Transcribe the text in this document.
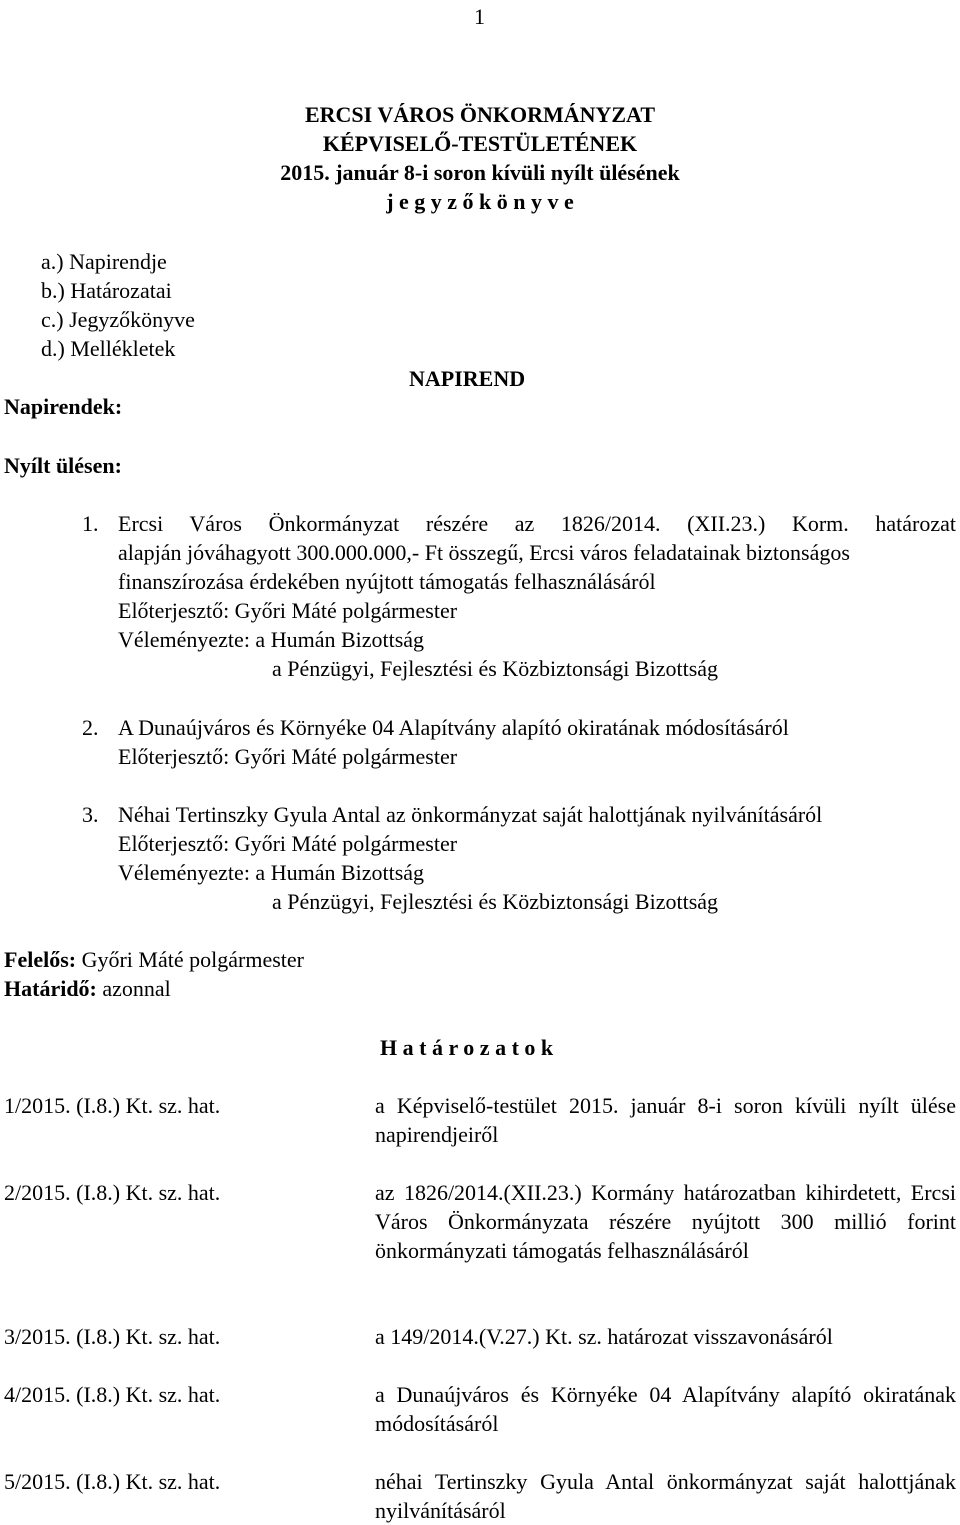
1
ERCSI VÁROS ÖNKORMÁNYZAT
KÉPVISELŐ-TESTÜLETÉNEK
2015. január 8-i soron kívüli nyílt ülésének
j e g y z ő k ö n y v e
a.) Napirendje
b.) Határozatai
c.) Jegyzőkönyve
d.) Mellékletek
NAPIREND
Napirendek:
Nyílt ülésen:
1. Ercsi Város Önkormányzat részére az 1826/2014. (XII.23.) Korm. határozat
alapján jóváhagyott 300.000.000,- Ft összegű, Ercsi város feladatainak biztonságos
finanszírozása érdekében nyújtott támogatás felhasználásáról
Előterjesztő: Győri Máté polgármester
Véleményezte: a Humán Bizottság
a Pénzügyi, Fejlesztési és Közbiztonsági Bizottság
2. A Dunaújváros és Környéke 04 Alapítvány alapító okiratának módosításáról
Előterjesztő: Győri Máté polgármester
3. Néhai Tertinszky Gyula Antal az önkormányzat saját halottjának nyilvánításáról
Előterjesztő: Győri Máté polgármester
Véleményezte: a Humán Bizottság
a Pénzügyi, Fejlesztési és Közbiztonsági Bizottság
Felelős: Győri Máté polgármester
Határidő: azonnal
H a t á r o z a t o k
1/2015. (I.8.) Kt. sz. hat.	a Képviselő-testület 2015. január 8-i soron kívüli nyílt ülése napirendjeiről
2/2015. (I.8.) Kt. sz. hat.	az 1826/2014.(XII.23.) Kormány határozatban kihirdetett, Ercsi Város Önkormányzata részére nyújtott 300 millió forint önkormányzati támogatás felhasználásáról
3/2015. (I.8.) Kt. sz. hat.	a 149/2014.(V.27.) Kt. sz. határozat visszavonásáról
4/2015. (I.8.) Kt. sz. hat.	a Dunaújváros és Környéke 04 Alapítvány alapító okiratának módosításáról
5/2015. (I.8.) Kt. sz. hat.	néhai Tertinszky Gyula Antal önkormányzat saját halottjának nyilvánításáról
